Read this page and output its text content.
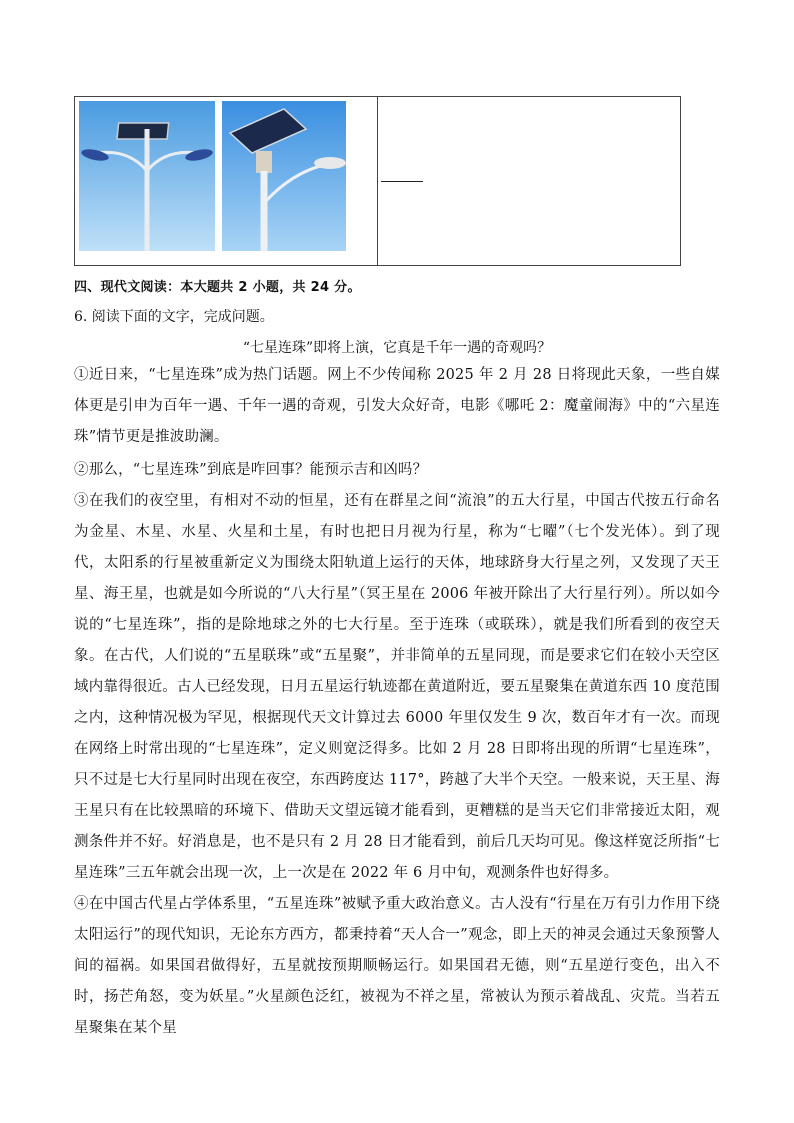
四、现代文阅读：本大题共 2 小题，共 24 分。
6. 阅读下面的文字，完成问题。
“七星连珠”即将上演，它真是千年一遇的奇观吗？

①近日来，“七星连珠”成为热门话题。网上不少传闻称 2025 年 2 月 28 日将现此天象，一些自媒体更是引申为百年一遇、千年一遇的奇观，引发大众好奇，电影《哪吒 2：魔童闹海》中的“六星连珠”情节更是推波助澜。

②那么，“七星连珠”到底是咋回事？能预示吉和凶吗？

③在我们的夜空里，有相对不动的恒星，还有在群星之间“流浪”的五大行星，中国古代按五行命名为金星、木星、水星、火星和土星，有时也把日月视为行星，称为“七曜”（七个发光体）。到了现代，太阳系的行星被重新定义为围绕太阳轨道上运行的天体，地球跻身大行星之列，又发现了天王星、海王星，也就是如今所说的“八大行星”（冥王星在 2006 年被开除出了大行星行列）。所以如今说的“七星连珠”，指的是除地球之外的七大行星。至于连珠（或联珠），就是我们所看到的夜空天象。在古代，人们说的“五星联珠”或“五星聚”，并非简单的五星同现，而是要求它们在较小天空区域内靠得很近。古人已经发现，日月五星运行轨迹都在黄道附近，要五星聚集在黄道东西 10 度范围之内，这种情况极为罕见，根据现代天文计算过去 6000 年里仅发生 9 次，数百年才有一次。而现在网络上时常出现的“七星连珠”，定义则宽泛得多。比如 2 月 28 日即将出现的所谓“七星连珠”，只不过是七大行星同时出现在夜空，东西跨度达 117°，跨越了大半个天空。一般来说，天王星、海王星只有在比较黑暗的环境下、借助天文望远镜才能看到，更糟糕的是当天它们非常接近太阳，观测条件并不好。好消息是，也不是只有 2 月 28 日才能看到，前后几天均可见。像这样宽泛所指“七星连珠”三五年就会出现一次，上一次是在 2022 年 6 月中旬，观测条件也好得多。

④在中国古代星占学体系里，“五星连珠”被赋予重大政治意义。古人没有“行星在万有引力作用下绕太阳运行”的现代知识，无论东方西方，都秉持着“天人合一”观念，即上天的神灵会通过天象预警人间的福祸。如果国君做得好，五星就按预期顺畅运行。如果国君无德，则“五星逆行变色，出入不时，扬芒角怒，变为妖星。”火星颜色泛红，被视为不祥之星，常被认为预示着战乱、灾荒。当若五星聚集在某个星
